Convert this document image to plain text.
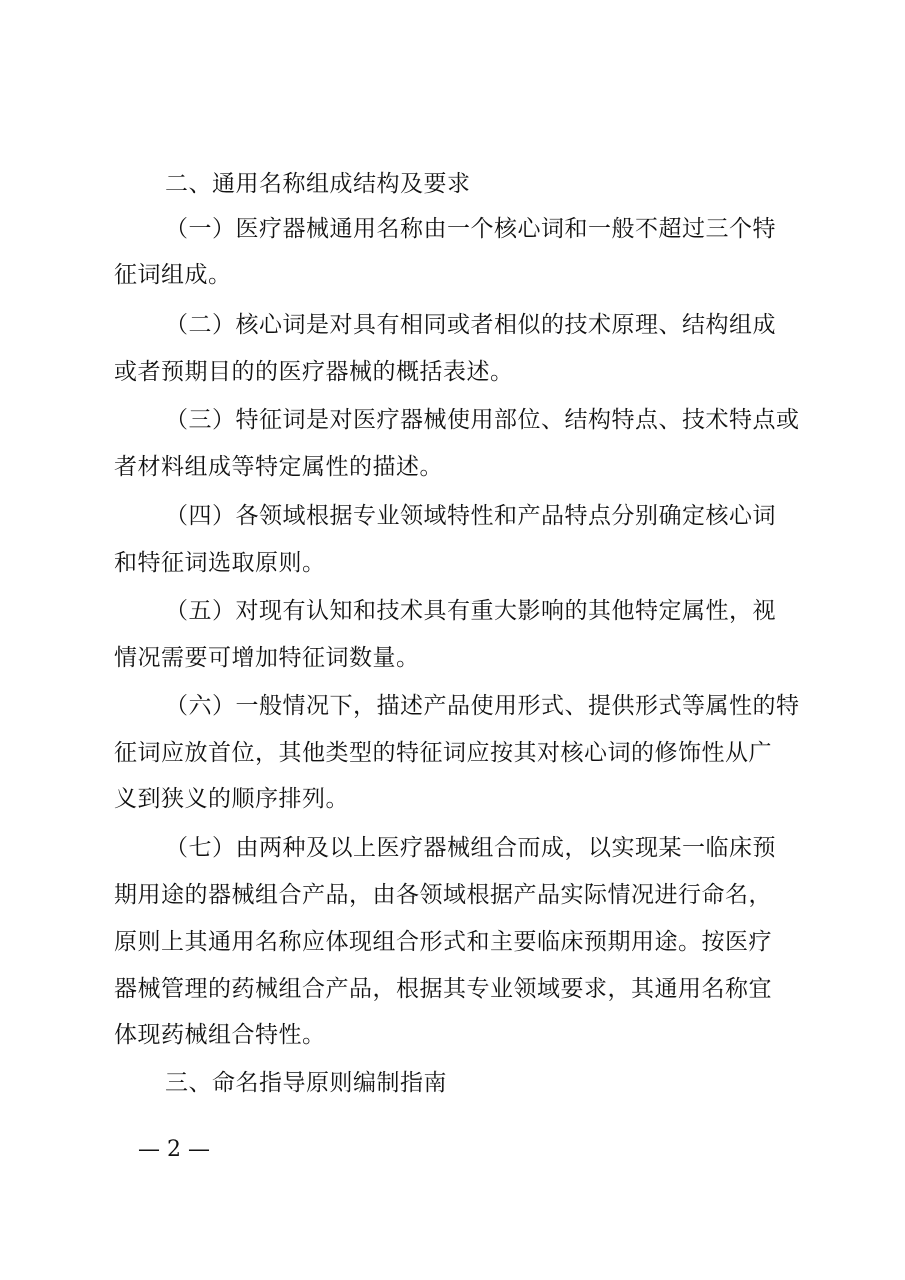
二、通用名称组成结构及要求
（一）医疗器械通用名称由一个核心词和一般不超过三个特
征词组成。
（二）核心词是对具有相同或者相似的技术原理、结构组成
或者预期目的的医疗器械的概括表述。
（三）特征词是对医疗器械使用部位、结构特点、技术特点或
者材料组成等特定属性的描述。
（四）各领域根据专业领域特性和产品特点分别确定核心词
和特征词选取原则。
（五）对现有认知和技术具有重大影响的其他特定属性，视
情况需要可增加特征词数量。
（六）一般情况下，描述产品使用形式、提供形式等属性的特
征词应放首位，其他类型的特征词应按其对核心词的修饰性从广
义到狭义的顺序排列。
（七）由两种及以上医疗器械组合而成，以实现某一临床预
期用途的器械组合产品，由各领域根据产品实际情况进行命名，
原则上其通用名称应体现组合形式和主要临床预期用途。按医疗
器械管理的药械组合产品，根据其专业领域要求，其通用名称宜
体现药械组合特性。
三、命名指导原则编制指南
— 2 —
